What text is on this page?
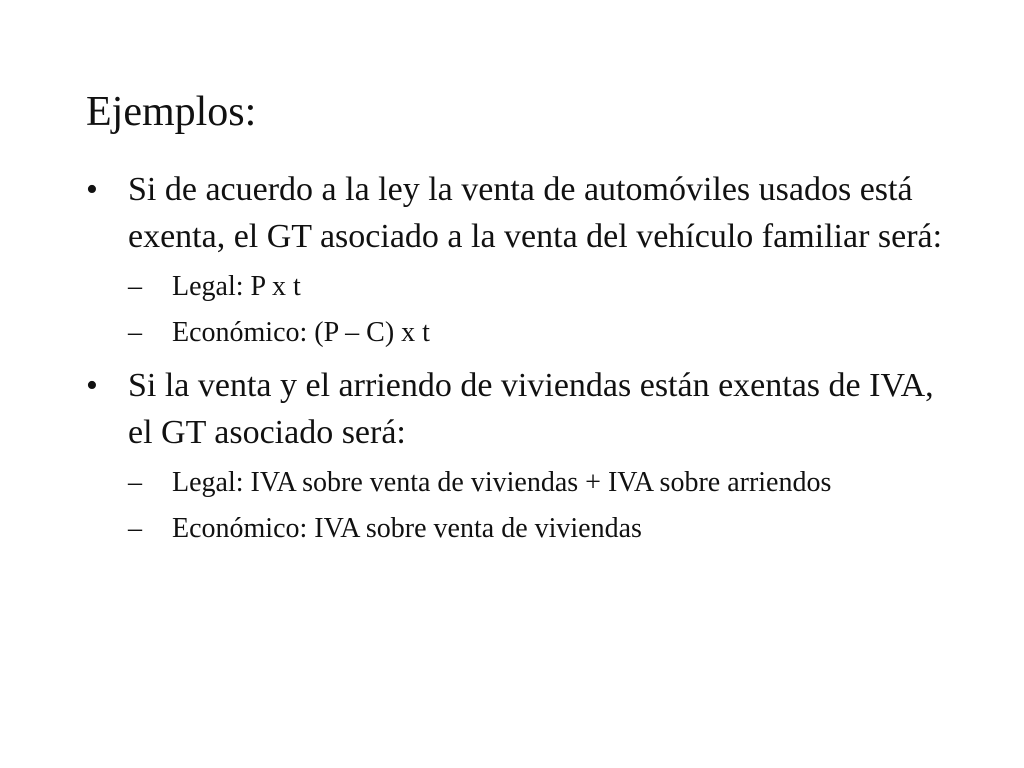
Ejemplos:
• Si de acuerdo a la ley la venta de automóviles usados está exenta, el GT asociado a la venta del vehículo familiar será:
–	Legal: P x t
–	Económico: (P – C) x t
• Si la venta y el arriendo de viviendas están exentas de IVA, el GT asociado será:
–	Legal: IVA sobre venta de viviendas + IVA sobre arriendos
–	Económico: IVA sobre venta de viviendas
